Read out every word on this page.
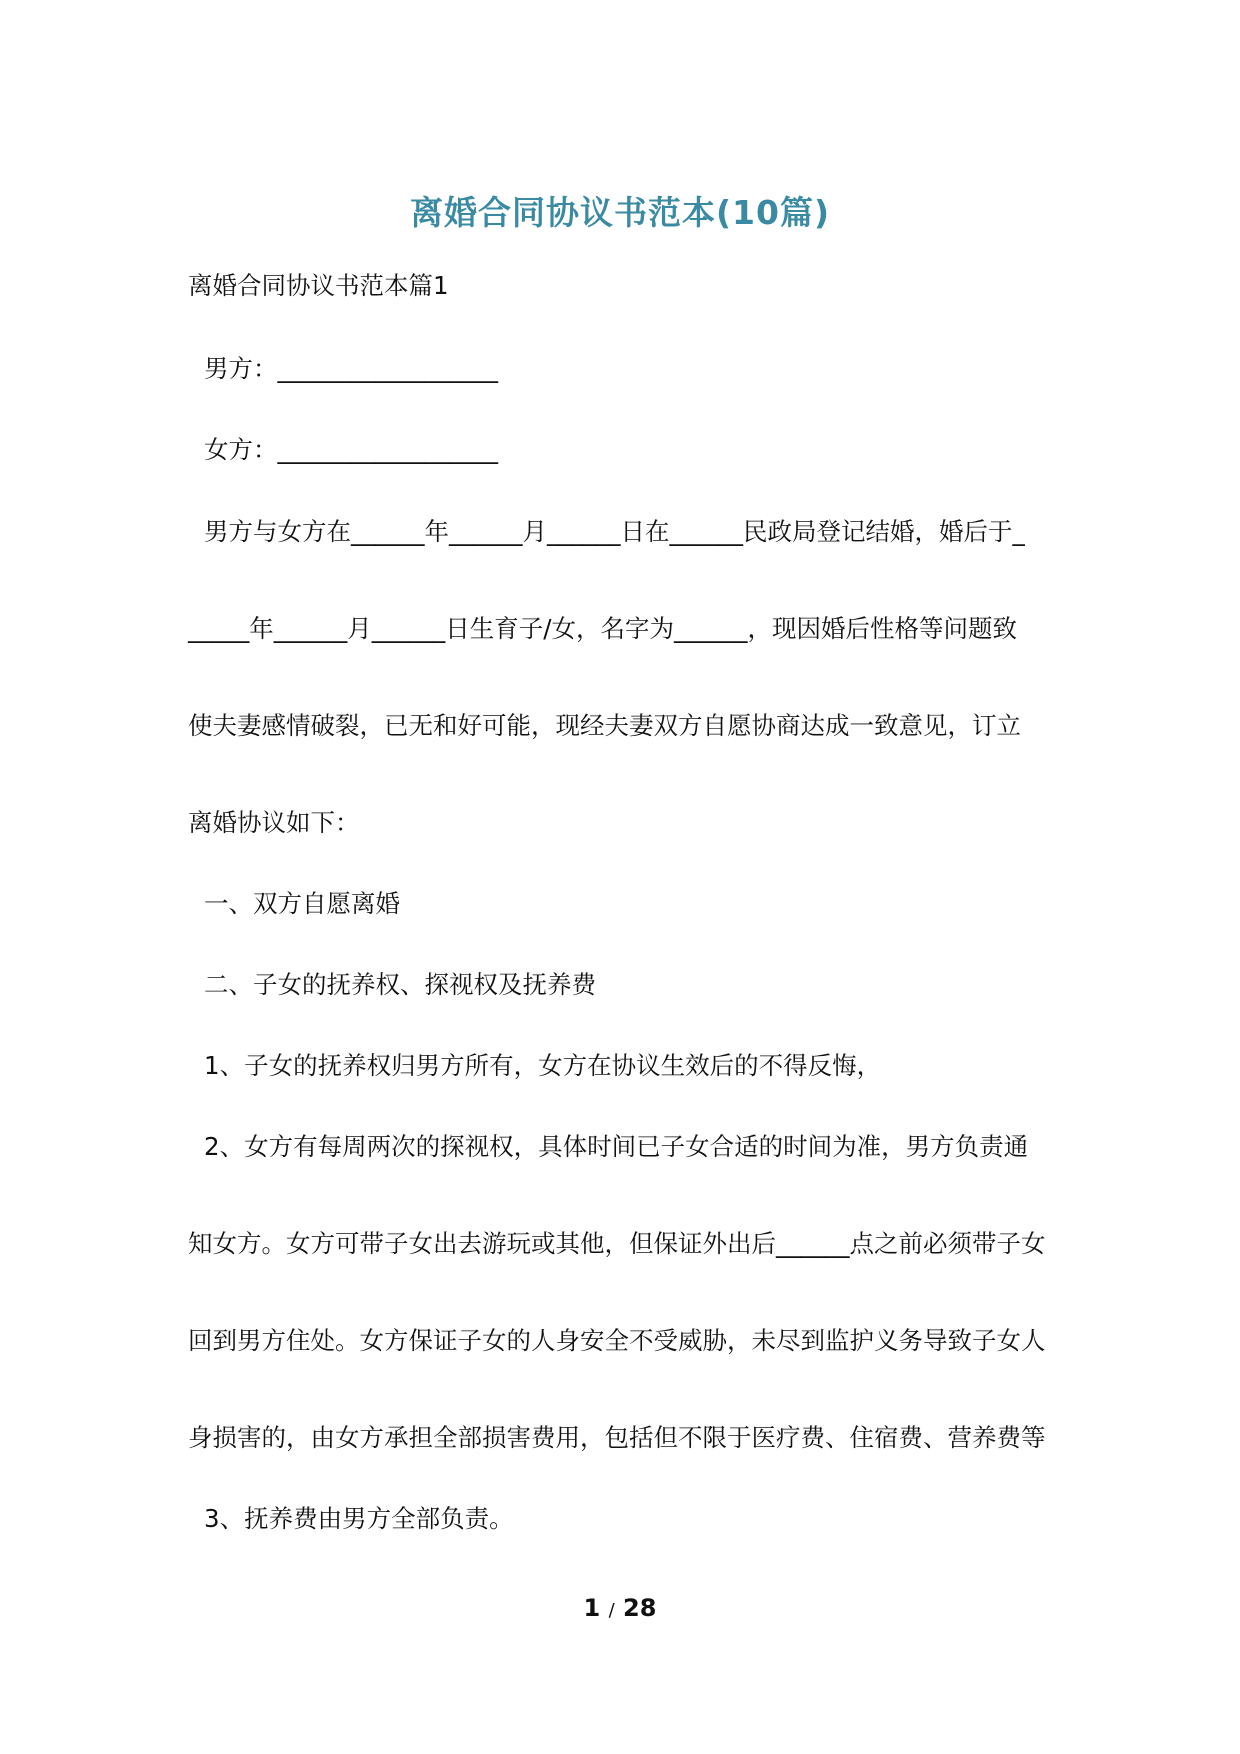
离婚合同协议书范本(10篇)
离婚合同协议书范本篇1
男方：__________________
女方：__________________
男方与女方在______年______月______日在______民政局登记结婚，婚后于_
_____年______月______日生育子/女，名字为______，现因婚后性格等问题致
使夫妻感情破裂，已无和好可能，现经夫妻双方自愿协商达成一致意见，订立
离婚协议如下：
一、双方自愿离婚
二、子女的抚养权、探视权及抚养费
1、子女的抚养权归男方所有，女方在协议生效后的不得反悔，
2、女方有每周两次的探视权，具体时间已子女合适的时间为准，男方负责通
知女方。女方可带子女出去游玩或其他，但保证外出后______点之前必须带子女
回到男方住处。女方保证子女的人身安全不受威胁，未尽到监护义务导致子女人
身损害的，由女方承担全部损害费用，包括但不限于医疗费、住宿费、营养费等
3、抚养费由男方全部负责。
1 / 28
